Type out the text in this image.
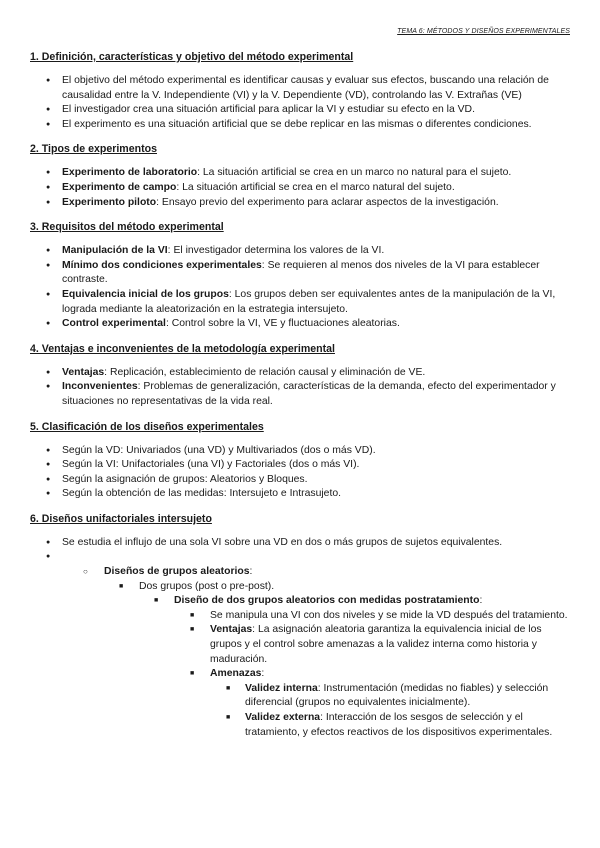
TEMA 6: MÉTODOS Y DISEÑOS EXPERIMENTALES
1. Definición, características y objetivo del método experimental
● El objetivo del método experimental es identificar causas y evaluar sus efectos, buscando una relación de causalidad entre la V. Independiente (VI) y la V. Dependiente (VD), controlando las V. Extrañas (VE)
● El investigador crea una situación artificial para aplicar la VI y estudiar su efecto en la VD.
● El experimento es una situación artificial que se debe replicar en las mismas o diferentes condiciones.
2. Tipos de experimentos
● Experimento de laboratorio: La situación artificial se crea en un marco no natural para el sujeto.
● Experimento de campo: La situación artificial se crea en el marco natural del sujeto.
● Experimento piloto: Ensayo previo del experimento para aclarar aspectos de la investigación.
3. Requisitos del método experimental
● Manipulación de la VI: El investigador determina los valores de la VI.
● Mínimo dos condiciones experimentales: Se requieren al menos dos niveles de la VI para establecer contraste.
● Equivalencia inicial de los grupos: Los grupos deben ser equivalentes antes de la manipulación de la VI, lograda mediante la aleatorización en la estrategia intersujeto.
● Control experimental: Control sobre la VI, VE y fluctuaciones aleatorias.
4. Ventajas e inconvenientes de la metodología experimental
● Ventajas: Replicación, establecimiento de relación causal y eliminación de VE.
● Inconvenientes: Problemas de generalización, características de la demanda, efecto del experimentador y situaciones no representativas de la vida real.
5. Clasificación de los diseños experimentales
● Según la VD: Univariados (una VD) y Multivariados (dos o más VD).
● Según la VI: Unifactoriales (una VI) y Factoriales (dos o más VI).
● Según la asignación de grupos: Aleatorios y Bloques.
● Según la obtención de las medidas: Intersujeto e Intrasujeto.
6. Diseños unifactoriales intersujeto
● Se estudia el influjo de una sola VI sobre una VD en dos o más grupos de sujetos equivalentes.
●
○ Diseños de grupos aleatorios:
■ Dos grupos (post o pre-post).
■ Diseño de dos grupos aleatorios con medidas postratamiento:
■ Se manipula una VI con dos niveles y se mide la VD después del tratamiento.
■ Ventajas: La asignación aleatoria garantiza la equivalencia inicial de los grupos y el control sobre amenazas a la validez interna como historia y maduración.
■ Amenazas:
■ Validez interna: Instrumentación (medidas no fiables) y selección diferencial (grupos no equivalentes inicialmente).
■ Validez externa: Interacción de los sesgos de selección y el tratamiento, y efectos reactivos de los dispositivos experimentales.
